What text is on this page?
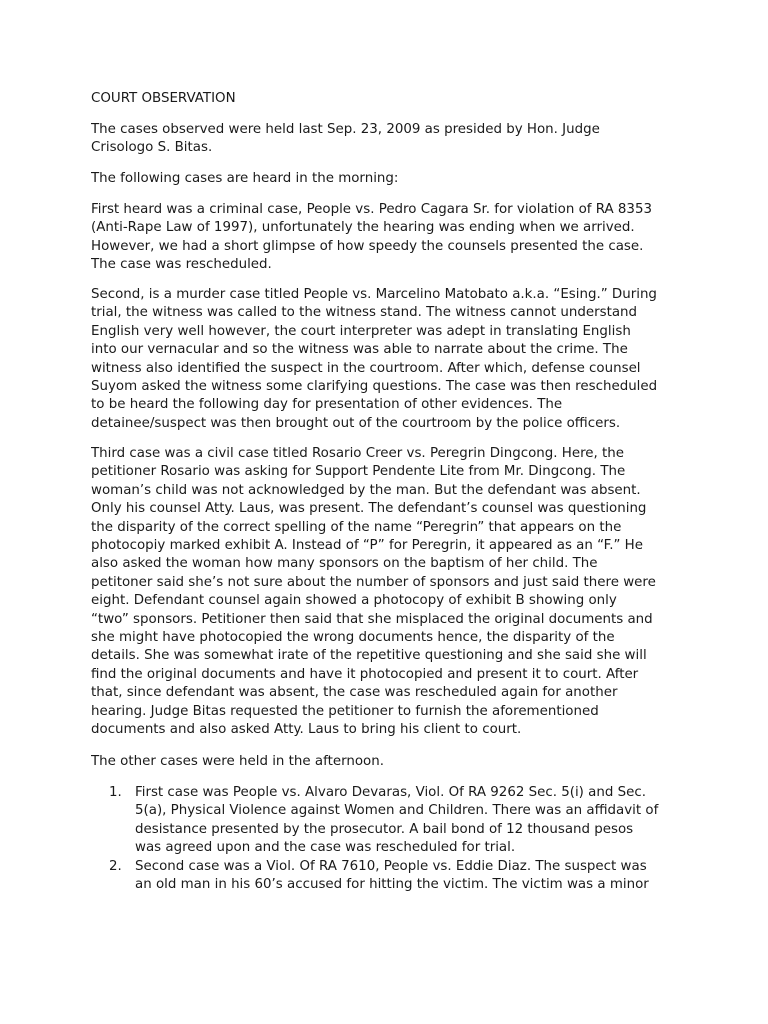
COURT OBSERVATION

The cases observed were held last Sep. 23, 2009 as presided by Hon. Judge
Crisologo S. Bitas.

The following cases are heard in the morning:

First heard was a criminal case, People vs. Pedro Cagara Sr. for violation of RA 8353
(Anti-Rape Law of 1997), unfortunately the hearing was ending when we arrived.
However, we had a short glimpse of how speedy the counsels presented the case.
The case was rescheduled.

Second, is a murder case titled People vs. Marcelino Matobato a.k.a. “Esing.” During
trial, the witness was called to the witness stand. The witness cannot understand
English very well however, the court interpreter was adept in translating English
into our vernacular and so the witness was able to narrate about the crime. The
witness also identified the suspect in the courtroom. After which, defense counsel
Suyom asked the witness some clarifying questions. The case was then rescheduled
to be heard the following day for presentation of other evidences. The
detainee/suspect was then brought out of the courtroom by the police officers.

Third case was a civil case titled Rosario Creer vs. Peregrin Dingcong. Here, the
petitioner Rosario was asking for Support Pendente Lite from Mr. Dingcong. The
woman’s child was not acknowledged by the man. But the defendant was absent.
Only his counsel Atty. Laus, was present. The defendant’s counsel was questioning
the disparity of the correct spelling of the name “Peregrin” that appears on the
photocopiy marked exhibit A. Instead of “P” for Peregrin, it appeared as an “F.” He
also asked the woman how many sponsors on the baptism of her child. The
petitoner said she’s not sure about the number of sponsors and just said there were
eight. Defendant counsel again showed a photocopy of exhibit B showing only
“two” sponsors. Petitioner then said that she misplaced the original documents and
she might have photocopied the wrong documents hence, the disparity of the
details. She was somewhat irate of the repetitive questioning and she said she will
find the original documents and have it photocopied and present it to court. After
that, since defendant was absent, the case was rescheduled again for another
hearing. Judge Bitas requested the petitioner to furnish the aforementioned
documents and also asked Atty. Laus to bring his client to court.

The other cases were held in the afternoon.

1. First case was People vs. Alvaro Devaras, Viol. Of RA 9262 Sec. 5(i) and Sec.
5(a), Physical Violence against Women and Children. There was an affidavit of
desistance presented by the prosecutor. A bail bond of 12 thousand pesos
was agreed upon and the case was rescheduled for trial.
2. Second case was a Viol. Of RA 7610, People vs. Eddie Diaz. The suspect was
an old man in his 60’s accused for hitting the victim. The victim was a minor
